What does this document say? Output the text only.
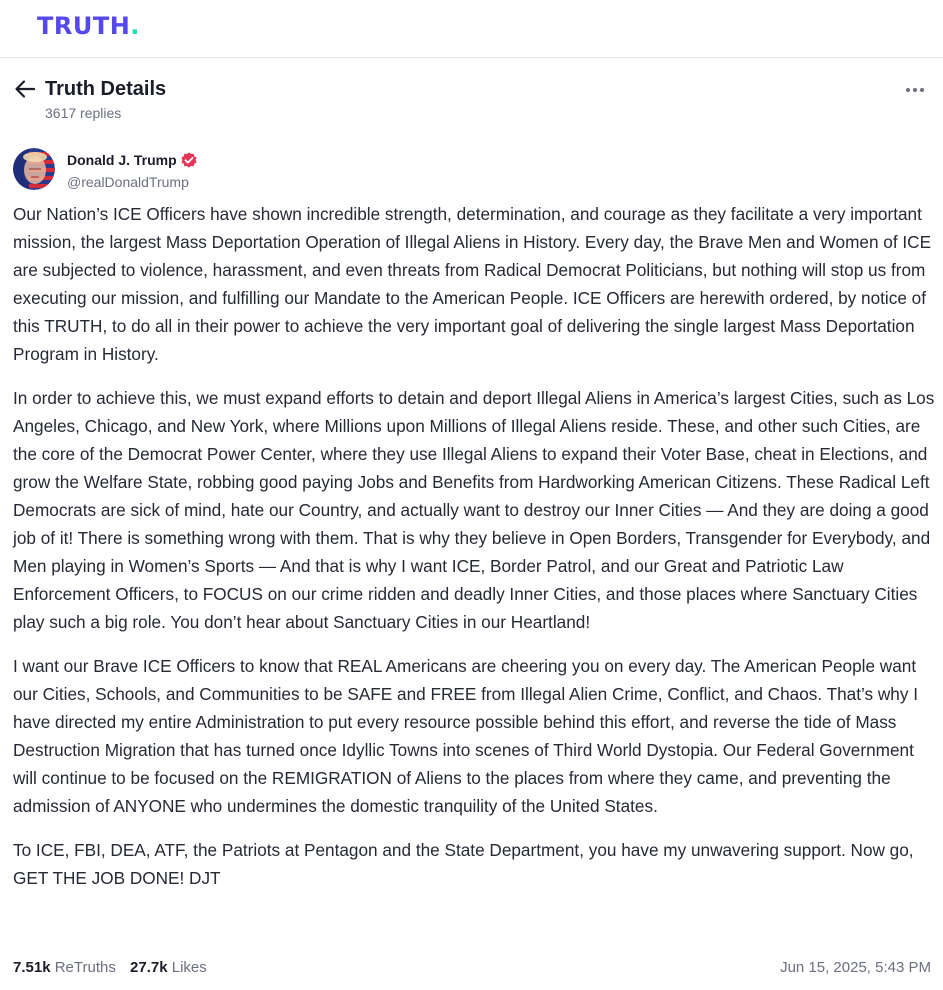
TRUTH.
Truth Details
3617 replies
Donald J. Trump
@realDonaldTrump

Our Nation’s ICE Officers have shown incredible strength, determination, and courage as they facilitate a very important mission, the largest Mass Deportation Operation of Illegal Aliens in History. Every day, the Brave Men and Women of ICE are subjected to violence, harassment, and even threats from Radical Democrat Politicians, but nothing will stop us from executing our mission, and fulfilling our Mandate to the American People. ICE Officers are herewith ordered, by notice of this TRUTH, to do all in their power to achieve the very important goal of delivering the single largest Mass Deportation Program in History.

In order to achieve this, we must expand efforts to detain and deport Illegal Aliens in America’s largest Cities, such as Los Angeles, Chicago, and New York, where Millions upon Millions of Illegal Aliens reside. These, and other such Cities, are the core of the Democrat Power Center, where they use Illegal Aliens to expand their Voter Base, cheat in Elections, and grow the Welfare State, robbing good paying Jobs and Benefits from Hardworking American Citizens. These Radical Left Democrats are sick of mind, hate our Country, and actually want to destroy our Inner Cities — And they are doing a good job of it! There is something wrong with them. That is why they believe in Open Borders, Transgender for Everybody, and Men playing in Women’s Sports — And that is why I want ICE, Border Patrol, and our Great and Patriotic Law Enforcement Officers, to FOCUS on our crime ridden and deadly Inner Cities, and those places where Sanctuary Cities play such a big role. You don’t hear about Sanctuary Cities in our Heartland!

I want our Brave ICE Officers to know that REAL Americans are cheering you on every day. The American People want our Cities, Schools, and Communities to be SAFE and FREE from Illegal Alien Crime, Conflict, and Chaos. That’s why I have directed my entire Administration to put every resource possible behind this effort, and reverse the tide of Mass Destruction Migration that has turned once Idyllic Towns into scenes of Third World Dystopia. Our Federal Government will continue to be focused on the REMIGRATION of Aliens to the places from where they came, and preventing the admission of ANYONE who undermines the domestic tranquility of the United States.

To ICE, FBI, DEA, ATF, the Patriots at Pentagon and the State Department, you have my unwavering support. Now go, GET THE JOB DONE! DJT

7.51k ReTruths 27.7k Likes	Jun 15, 2025, 5:43 PM
